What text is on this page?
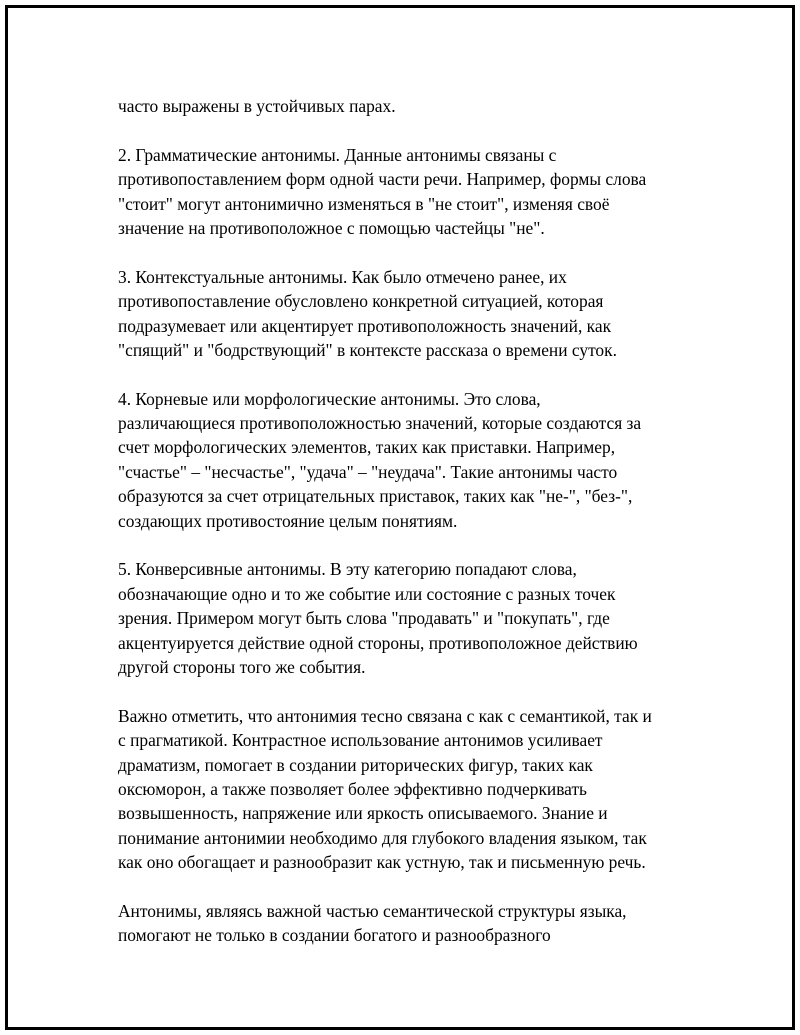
часто выражены в устойчивых парах.

2. Грамматические антонимы. Данные антонимы связаны с
противопоставлением форм одной части речи. Например, формы слова
"стоит" могут антонимично изменяться в "не стоит", изменяя своё
значение на противоположное с помощью частейцы "не".

3. Контекстуальные антонимы. Как было отмечено ранее, их
противопоставление обусловлено конкретной ситуацией, которая
подразумевает или акцентирует противоположность значений, как
"спящий" и "бодрствующий" в контексте рассказа о времени суток.

4. Корневые или морфологические антонимы. Это слова,
различающиеся противоположностью значений, которые создаются за
счет морфологических элементов, таких как приставки. Например,
"счастье" – "несчастье", "удача" – "неудача". Такие антонимы часто
образуются за счет отрицательных приставок, таких как "не-", "без-",
создающих противостояние целым понятиям.

5. Конверсивные антонимы. В эту категорию попадают слова,
обозначающие одно и то же событие или состояние с разных точек
зрения. Примером могут быть слова "продавать" и "покупать", где
акцентуируется действие одной стороны, противоположное действию
другой стороны того же события.

Важно отметить, что антонимия тесно связана с как с семантикой, так и
с прагматикой. Контрастное использование антонимов усиливает
драматизм, помогает в создании риторических фигур, таких как
оксюморон, а также позволяет более эффективно подчеркивать
возвышенность, напряжение или яркость описываемого. Знание и
понимание антонимии необходимо для глубокого владения языком, так
как оно обогащает и разнообразит как устную, так и письменную речь.

Антонимы, являясь важной частью семантической структуры языка,
помогают не только в создании богатого и разнообразного
